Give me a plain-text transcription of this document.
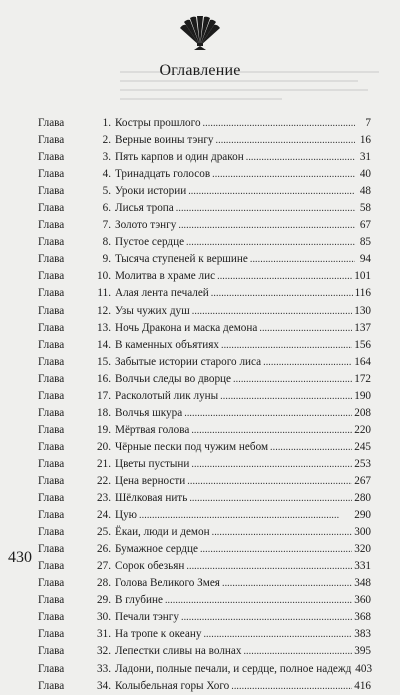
Оглавление
Глава	1. Костры прошлого . . .	7
Глава	2. Верные воины тэнгу . . .	16
Глава	3. Пять карпов и один дракон . . .	31
Глава	4. Тринадцать голосов . . .	40
Глава	5. Уроки истории . . .	48
Глава	6. Лисья тропа . . .	58
Глава	7. Золото тэнгу . . .	67
Глава	8. Пустое сердце . . .	85
Глава	9. Тысяча ступеней к вершине . . .	94
Глава	10. Молитва в храме лис . . .	101
Глава	11. Алая лента печалей . . .	116
Глава	12. Узы чужих душ . . .	130
Глава	13. Ночь Дракона и маска демона . . .	137
Глава	14. В каменных объятиях . . .	156
Глава	15. Забытые истории старого лиса . . .	164
Глава	16. Волчьи следы во дворце . . .	172
Глава	17. Расколотый лик луны . . .	190
Глава	18. Волчья шкура . . .	208
Глава	19. Мёртвая голова . . .	220
Глава	20. Чёрные пески под чужим небом . . .	245
Глава	21. Цветы пустыни . . .	253
Глава	22. Цена верности . . .	267
Глава	23. Шёлковая нить . . .	280
Глава	24. Цую . . .	290
Глава	25. Ёкаи, люди и демон . . .	300
Глава	26. Бумажное сердце . . .	320
Глава	27. Сорок обезьян . . .	331
Глава	28. Голова Великого Змея . . .	348
Глава	29. В глубине . . .	360
Глава	30. Печали тэнгу . . .	368
Глава	31. На тропе к океану . . .	383
Глава	32. Лепестки сливы на волнах . . .	395
Глава	33. Ладони, полные печали, и сердце, полное надежд 403
Глава	34. Колыбельная горы Хого . . .	416
430
